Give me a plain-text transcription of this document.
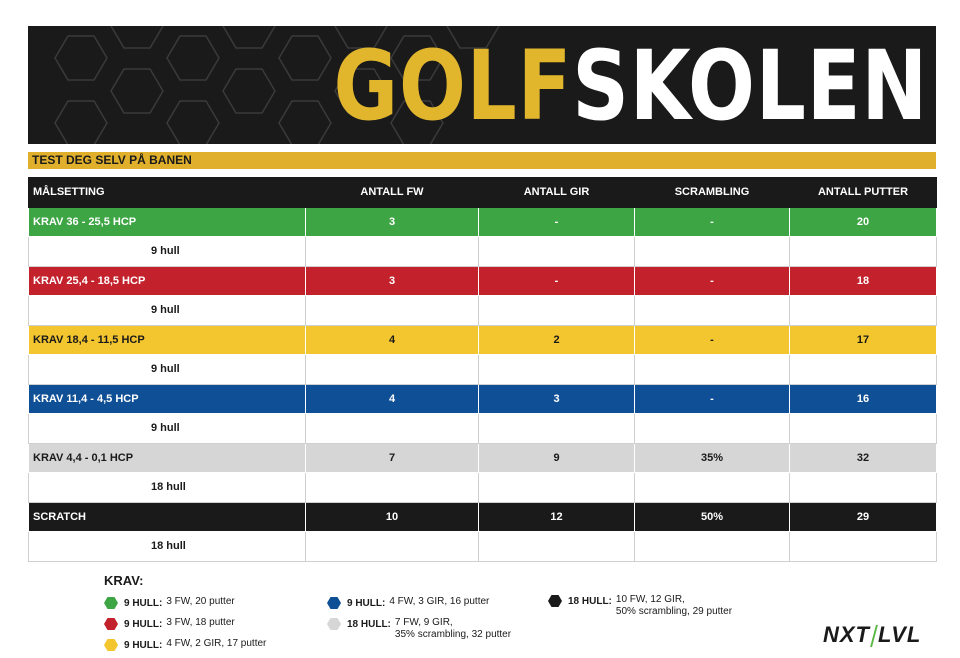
GOLFSKOLEN
TEST DEG SELV PÅ BANEN
MÅLSETTING	ANTALL FW	ANTALL GIR	SCRAMBLING	ANTALL PUTTER
KRAV 36 - 25,5 HCP	3	-	-	20
9 hull				
KRAV 25,4 - 18,5 HCP	3	-	-	18
9 hull				
KRAV 18,4 - 11,5 HCP	4	2	-	17
9 hull				
KRAV 11,4 - 4,5 HCP	4	3	-	16
9 hull				
KRAV 4,4 - 0,1 HCP	7	9	35%	32
18 hull				
SCRATCH	10	12	50%	29
18 hull				
KRAV:
9 HULL: 3 FW, 20 putter
9 HULL: 3 FW, 18 putter
9 HULL: 4 FW, 2 GIR, 17 putter
9 HULL: 4 FW, 3 GIR, 16 putter
18 HULL: 7 FW, 9 GIR,
35% scrambling, 32 putter
18 HULL: 10 FW, 12 GIR,
50% scrambling, 29 putter
NXT LVL
